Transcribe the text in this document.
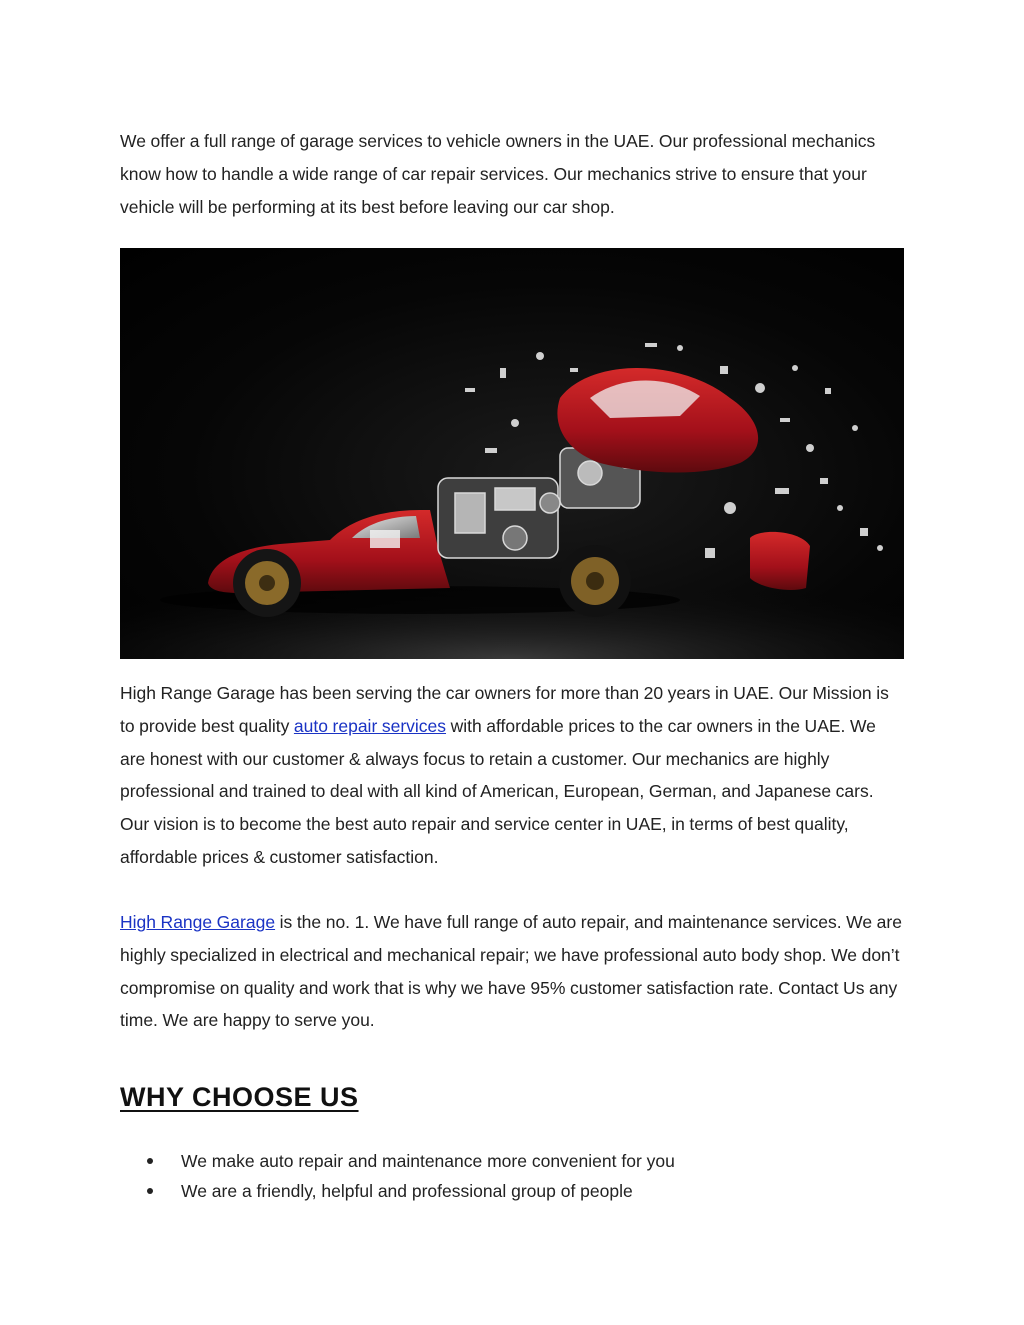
We offer a full range of garage services to vehicle owners in the UAE. Our professional mechanics know how to handle a wide range of car repair services. Our mechanics strive to ensure that your vehicle will be performing at its best before leaving our car shop.

High Range Garage has been serving the car owners for more than 20 years in UAE. Our Mission is to provide best quality auto repair services with affordable prices to the car owners in the UAE. We are honest with our customer & always focus to retain a customer. Our mechanics are highly professional and trained to deal with all kind of American, European, German, and Japanese cars. Our vision is to become the best auto repair and service center in UAE, in terms of best quality, affordable prices & customer satisfaction.

High Range Garage is the no. 1. We have full range of auto repair, and maintenance services. We are highly specialized in electrical and mechanical repair; we have professional auto body shop. We don’t compromise on quality and work that is why we have 95% customer satisfaction rate. Contact Us any time. We are happy to serve you.

WHY CHOOSE US
We make auto repair and maintenance more convenient for you
We are a friendly, helpful and professional group of people
